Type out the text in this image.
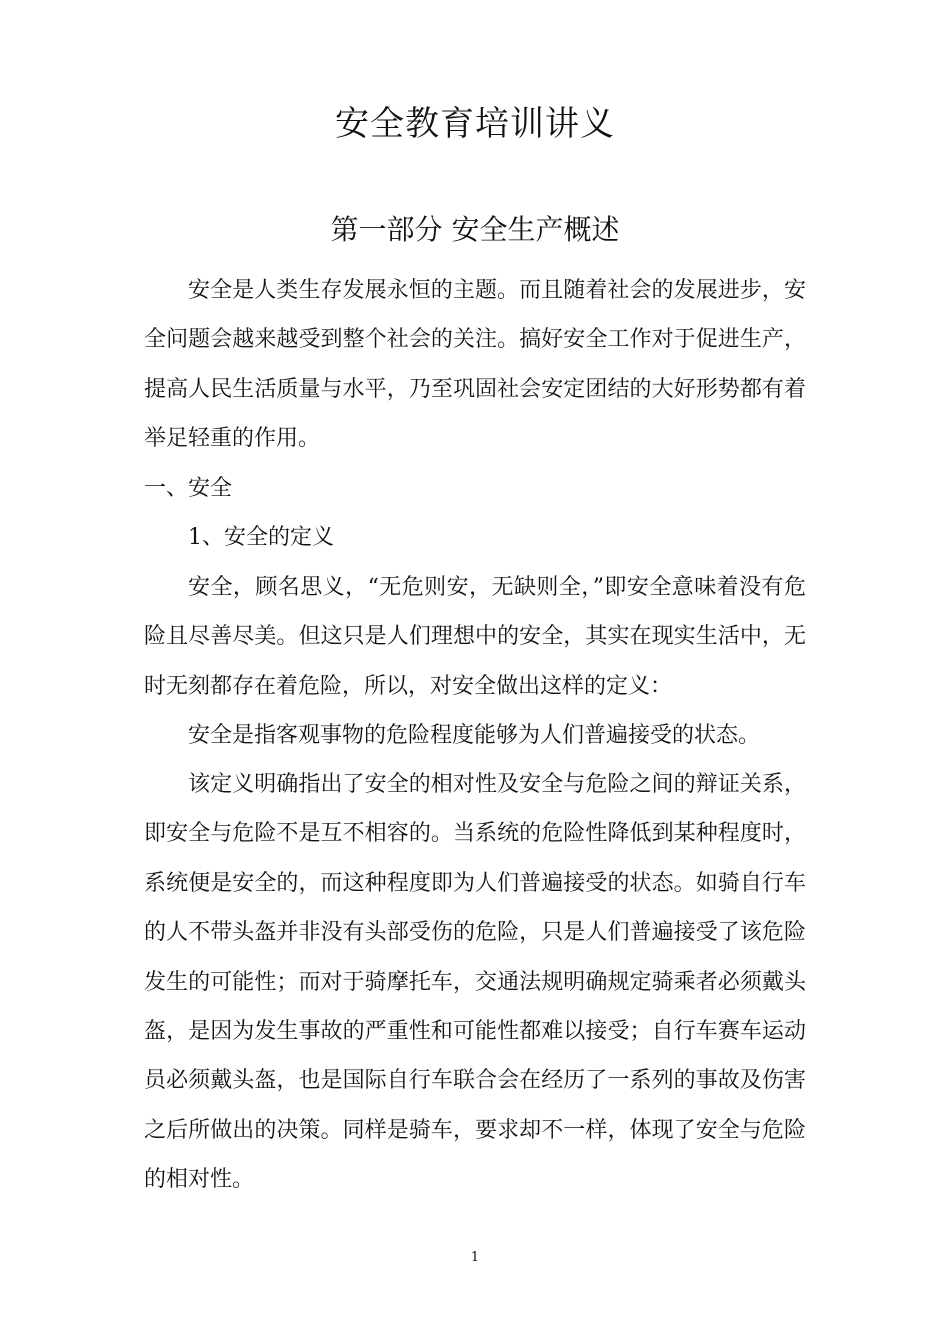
安全教育培训讲义
第一部分 安全生产概述

安全是人类生存发展永恒的主题。而且随着社会的发展进步，安全问题会越来越受到整个社会的关注。搞好安全工作对于促进生产，提高人民生活质量与水平，乃至巩固社会安定团结的大好形势都有着举足轻重的作用。

一、安全

1、安全的定义

安全，顾名思义，“无危则安，无缺则全，”即安全意味着没有危险且尽善尽美。但这只是人们理想中的安全，其实在现实生活中，无时无刻都存在着危险，所以，对安全做出这样的定义：

安全是指客观事物的危险程度能够为人们普遍接受的状态。

该定义明确指出了安全的相对性及安全与危险之间的辩证关系，即安全与危险不是互不相容的。当系统的危险性降低到某种程度时，系统便是安全的，而这种程度即为人们普遍接受的状态。如骑自行车的人不带头盔并非没有头部受伤的危险，只是人们普遍接受了该危险发生的可能性；而对于骑摩托车，交通法规明确规定骑乘者必须戴头盔，是因为发生事故的严重性和可能性都难以接受；自行车赛车运动员必须戴头盔，也是国际自行车联合会在经历了一系列的事故及伤害之后所做出的决策。同样是骑车，要求却不一样，体现了安全与危险的相对性。

1
